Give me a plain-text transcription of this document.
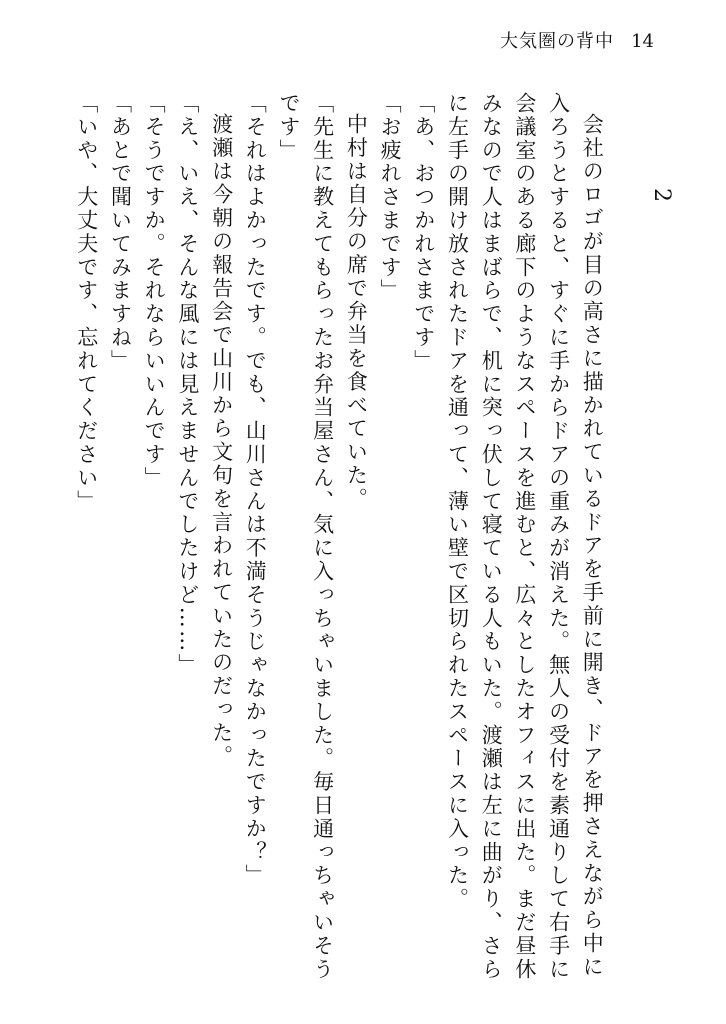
大気圏の背中 14
2

会社のロゴが目の高さに描かれているドアを手前に開き、ドアを押さえながら中に入ろうとすると、すぐに手からドアの重みが消えた。無人の受付を素通りして右手に会議室のある廊下のようなスペースを進むと、広々としたオフィスに出た。まだ昼休みなので人はまばらで、机に突っ伏して寝ている人もいた。渡瀬は左に曲がり、さらに左手の開け放されたドアを通って、薄い壁で区切られたスペースに入った。

「あ、おつかれさまです」

「お疲れさまです」

中村は自分の席で弁当を食べていた。

「先生に教えてもらったお弁当屋さん、気に入っちゃいました。毎日通っちゃいそうです」

「それはよかったです。でも、山川さんは不満そうじゃなかったですか？」

渡瀬は今朝の報告会で山川から文句を言われていたのだった。

「え、いえ、そんな風には見えませんでしたけど……」

「そうですか。それならいいんです」

「あとで聞いてみますね」

「いや、大丈夫です、忘れてください」
